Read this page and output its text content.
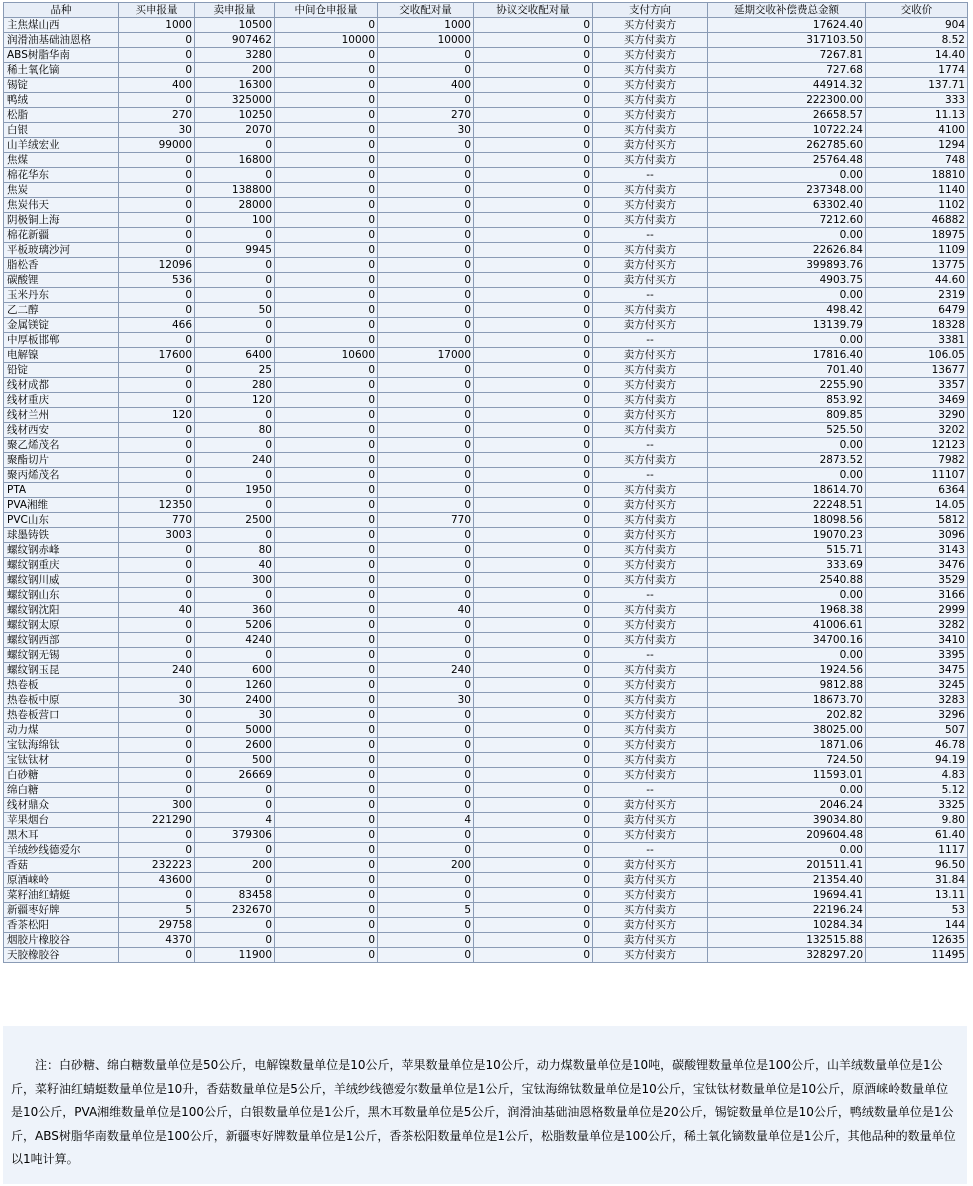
品种	买申报量	卖申报量	中间仓申报量	交收配对量	协议交收配对量	支付方向	延期交收补偿费总金额	交收价
主焦煤山西	1000	10500	0	1000	0	买方付卖方	17624.40	904
润滑油基础油恩格	0	907462	10000	10000	0	买方付卖方	317103.50	8.52
ABS树脂华南	0	3280	0	0	0	买方付卖方	7267.81	14.40
稀土氧化镝	0	200	0	0	0	买方付卖方	727.68	1774
锡锭	400	16300	0	400	0	买方付卖方	44914.32	137.71
鸭绒	0	325000	0	0	0	买方付卖方	222300.00	333
松脂	270	10250	0	270	0	买方付卖方	26658.57	11.13
白银	30	2070	0	30	0	买方付卖方	10722.24	4100
山羊绒宏业	99000	0	0	0	0	卖方付买方	262785.60	1294
焦煤	0	16800	0	0	0	买方付卖方	25764.48	748
棉花华东	0	0	0	0	0	--	0.00	18810
焦炭	0	138800	0	0	0	买方付卖方	237348.00	1140
焦炭伟天	0	28000	0	0	0	买方付卖方	63302.40	1102
阴极铜上海	0	100	0	0	0	买方付卖方	7212.60	46882
棉花新疆	0	0	0	0	0	--	0.00	18975
平板玻璃沙河	0	9945	0	0	0	买方付卖方	22626.84	1109
脂松香	12096	0	0	0	0	卖方付买方	399893.76	13775
碳酸锂	536	0	0	0	0	卖方付买方	4903.75	44.60
玉米丹东	0	0	0	0	0	--	0.00	2319
乙二醇	0	50	0	0	0	买方付卖方	498.42	6479
金属镁锭	466	0	0	0	0	卖方付买方	13139.79	18328
中厚板邯郸	0	0	0	0	0	--	0.00	3381
电解镍	17600	6400	10600	17000	0	卖方付买方	17816.40	106.05
铅锭	0	25	0	0	0	买方付卖方	701.40	13677
线材成都	0	280	0	0	0	买方付卖方	2255.90	3357
线材重庆	0	120	0	0	0	买方付卖方	853.92	3469
线材兰州	120	0	0	0	0	卖方付买方	809.85	3290
线材西安	0	80	0	0	0	买方付卖方	525.50	3202
聚乙烯茂名	0	0	0	0	0	--	0.00	12123
聚酯切片	0	240	0	0	0	买方付卖方	2873.52	7982
聚丙烯茂名	0	0	0	0	0	--	0.00	11107
PTA	0	1950	0	0	0	买方付卖方	18614.70	6364
PVA湘维	12350	0	0	0	0	卖方付买方	22248.51	14.05
PVC山东	770	2500	0	770	0	买方付卖方	18098.56	5812
球墨铸铁	3003	0	0	0	0	卖方付买方	19070.23	3096
螺纹钢赤峰	0	80	0	0	0	买方付卖方	515.71	3143
螺纹钢重庆	0	40	0	0	0	买方付卖方	333.69	3476
螺纹钢川威	0	300	0	0	0	买方付卖方	2540.88	3529
螺纹钢山东	0	0	0	0	0	--	0.00	3166
螺纹钢沈阳	40	360	0	40	0	买方付卖方	1968.38	2999
螺纹钢太原	0	5206	0	0	0	买方付卖方	41006.61	3282
螺纹钢西部	0	4240	0	0	0	买方付卖方	34700.16	3410
螺纹钢无锡	0	0	0	0	0	--	0.00	3395
螺纹钢玉昆	240	600	0	240	0	买方付卖方	1924.56	3475
热卷板	0	1260	0	0	0	买方付卖方	9812.88	3245
热卷板中原	30	2400	0	30	0	买方付卖方	18673.70	3283
热卷板营口	0	30	0	0	0	买方付卖方	202.82	3296
动力煤	0	5000	0	0	0	买方付卖方	38025.00	507
宝钛海绵钛	0	2600	0	0	0	买方付卖方	1871.06	46.78
宝钛钛材	0	500	0	0	0	买方付卖方	724.50	94.19
白砂糖	0	26669	0	0	0	买方付卖方	11593.01	4.83
绵白糖	0	0	0	0	0	--	0.00	5.12
线材鼎众	300	0	0	0	0	卖方付买方	2046.24	3325
苹果烟台	221290	4	0	4	0	卖方付买方	39034.80	9.80
黑木耳	0	379306	0	0	0	买方付卖方	209604.48	61.40
羊绒纱线德爱尔	0	0	0	0	0	--	0.00	1117
香菇	232223	200	0	200	0	卖方付买方	201511.41	96.50
原酒崃岭	43600	0	0	0	0	卖方付买方	21354.40	31.84
菜籽油红蜻蜓	0	83458	0	0	0	买方付卖方	19694.41	13.11
新疆枣好牌	5	232670	0	5	0	买方付卖方	22196.24	53
香茶松阳	29758	0	0	0	0	卖方付买方	10284.34	144
烟胶片橡胶谷	4370	0	0	0	0	卖方付买方	132515.88	12635
天胶橡胶谷	0	11900	0	0	0	买方付卖方	328297.20	11495
注：白砂糖、绵白糖数量单位是50公斤，电解镍数量单位是10公斤，苹果数量单位是10公斤，动力煤数量单位是10吨，碳酸锂数量单位是100公斤，山羊绒数量单位是1公斤，菜籽油红蜻蜓数量单位是10升，香菇数量单位是5公斤，羊绒纱线德爱尔数量单位是1公斤，宝钛海绵钛数量单位是10公斤，宝钛钛材数量单位是10公斤，原酒崃岭数量单位是10公斤，PVA湘维数量单位是100公斤，白银数量单位是1公斤，黑木耳数量单位是5公斤，润滑油基础油恩格数量单位是20公斤，锡锭数量单位是10公斤，鸭绒数量单位是1公斤，ABS树脂华南数量单位是100公斤，新疆枣好牌数量单位是1公斤，香茶松阳数量单位是1公斤，松脂数量单位是100公斤，稀土氧化镝数量单位是1公斤，其他品种的数量单位以1吨计算。
